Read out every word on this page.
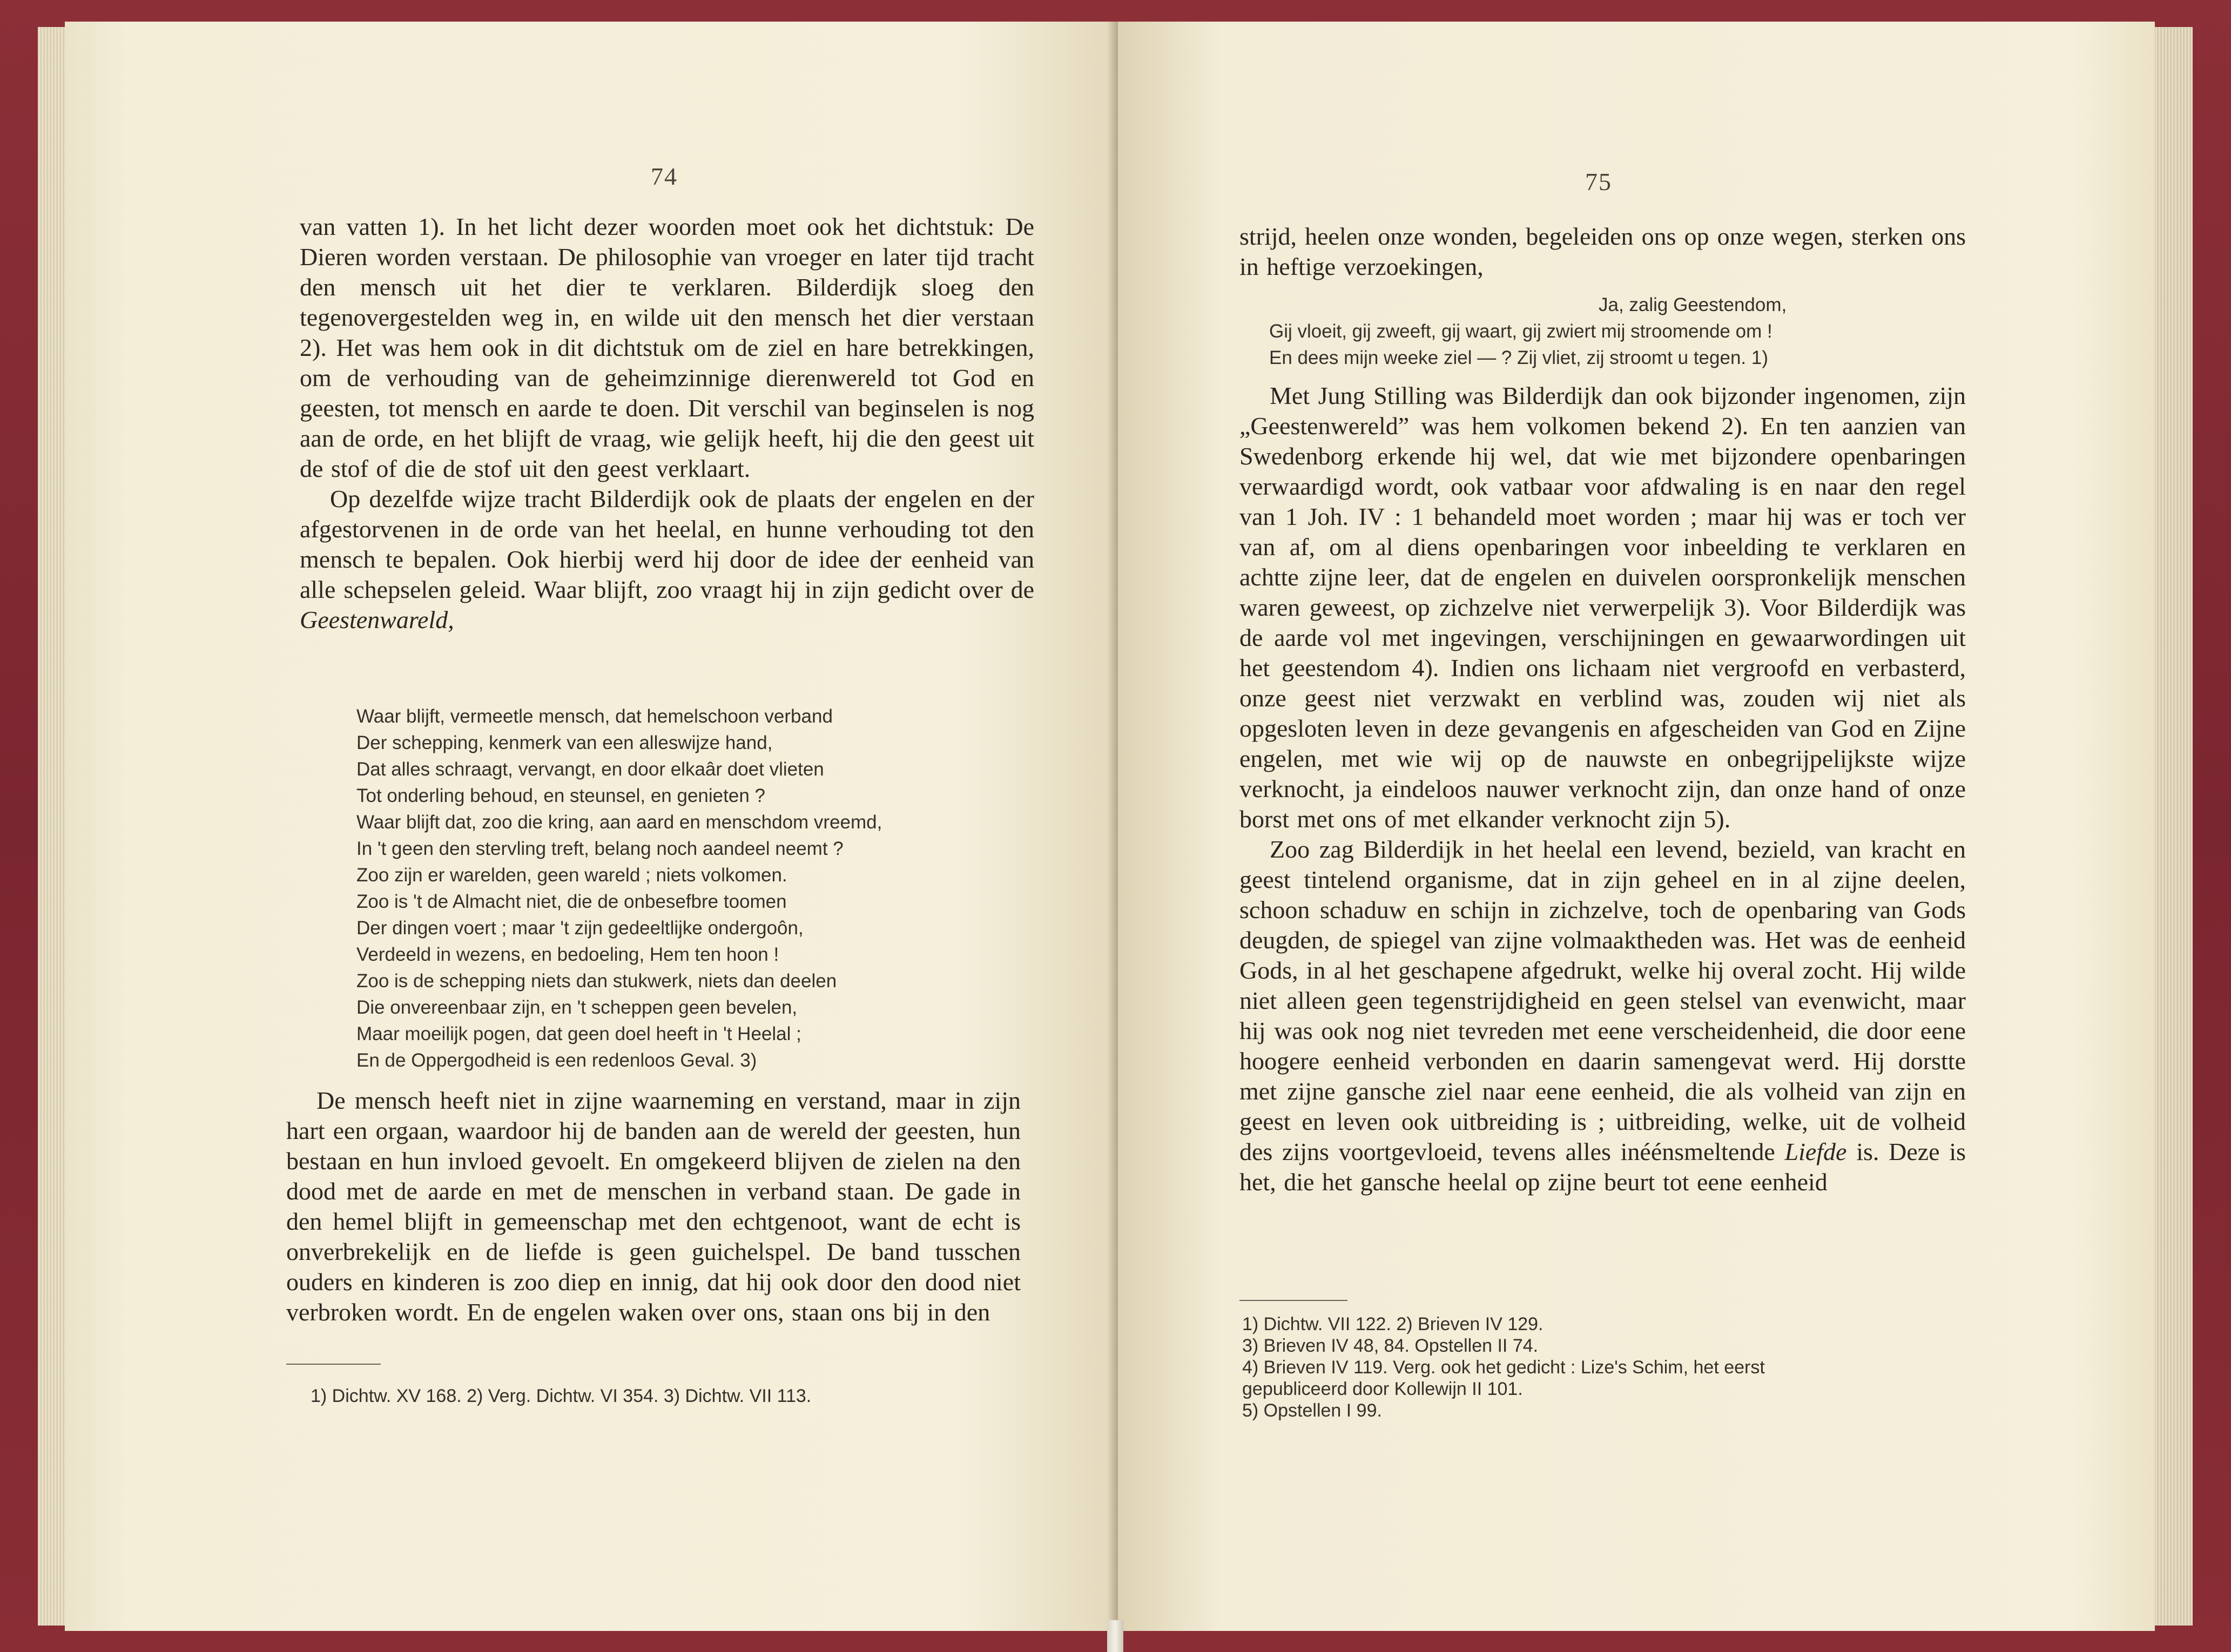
74

van vatten 1). In het licht dezer woorden moet ook het dichtstuk: De Dieren worden verstaan. De philosophie van vroeger en later tijd tracht den mensch uit het dier te verklaren. Bilderdijk sloeg den tegenovergestelden weg in, en wilde uit den mensch het dier verstaan 2). Het was hem ook in dit dichtstuk om de ziel en hare betrekkingen, om de verhouding van de geheimzinnige dierenwereld tot God en geesten, tot mensch en aarde te doen. Dit verschil van beginselen is nog aan de orde, en het blijft de vraag, wie gelijk heeft, hij die den geest uit de stof of die de stof uit den geest verklaart.

Op dezelfde wijze tracht Bilderdijk ook de plaats der engelen en der afgestorvenen in de orde van het heelal, en hunne verhouding tot den mensch te bepalen. Ook hierbij werd hij door de idee der eenheid van alle schepselen geleid. Waar blijft, zoo vraagt hij in zijn gedicht over de Geestenwareld,

Waar blijft, vermeetle mensch, dat hemelschoon verband
Der schepping, kenmerk van een alleswijze hand,
Dat alles schraagt, vervangt, en door elkaâr doet vlieten
Tot onderling behoud, en steunsel, en genieten ?
Waar blijft dat, zoo die kring, aan aard en menschdom vreemd,
In 't geen den stervling treft, belang noch aandeel neemt ?
Zoo zijn er warelden, geen wareld ; niets volkomen.
Zoo is 't de Almacht niet, die de onbesefbre toomen
Der dingen voert ; maar 't zijn gedeeltlijke ondergoôn,
Verdeeld in wezens, en bedoeling, Hem ten hoon !
Zoo is de schepping niets dan stukwerk, niets dan deelen
Die onvereenbaar zijn, en 't scheppen geen bevelen,
Maar moeilijk pogen, dat geen doel heeft in 't Heelal ;
En de Oppergodheid is een redenloos Geval. 3)

De mensch heeft niet in zijne waarneming en verstand, maar in zijn hart een orgaan, waardoor hij de banden aan de wereld der geesten, hun bestaan en hun invloed gevoelt. En omgekeerd blijven de zielen na den dood met de aarde en met de menschen in verband staan. De gade in den hemel blijft in gemeenschap met den echtgenoot, want de echt is onverbrekelijk en de liefde is geen guichelspel. De band tusschen ouders en kinderen is zoo diep en innig, dat hij ook door den dood niet verbroken wordt. En de engelen waken over ons, staan ons bij in den

1) Dichtw. XV 168. 2) Verg. Dichtw. VI 354. 3) Dichtw. VII 113.
75

strijd, heelen onze wonden, begeleiden ons op onze wegen, sterken ons in heftige verzoekingen,

Ja, zalig Geestendom,
Gij vloeit, gij zweeft, gij waart, gij zwiert mij stroomende om !
En dees mijn weeke ziel — ? Zij vliet, zij stroomt u tegen. 1)

Met Jung Stilling was Bilderdijk dan ook bijzonder ingenomen, zijn „Geestenwereld” was hem volkomen bekend 2). En ten aanzien van Swedenborg erkende hij wel, dat wie met bijzondere openbaringen verwaardigd wordt, ook vatbaar voor afdwaling is en naar den regel van 1 Joh. IV : 1 behandeld moet worden ; maar hij was er toch ver van af, om al diens openbaringen voor inbeelding te verklaren en achtte zijne leer, dat de engelen en duivelen oorspronkelijk menschen waren geweest, op zichzelve niet verwerpelijk 3). Voor Bilderdijk was de aarde vol met ingevingen, verschijningen en gewaarwordingen uit het geestendom 4). Indien ons lichaam niet vergroofd en verbasterd, onze geest niet verzwakt en verblind was, zouden wij niet als opgesloten leven in deze gevangenis en afgescheiden van God en Zijne engelen, met wie wij op de nauwste en onbegrijpelijkste wijze verknocht, ja eindeloos nauwer verknocht zijn, dan onze hand of onze borst met ons of met elkander verknocht zijn 5).

Zoo zag Bilderdijk in het heelal een levend, bezield, van kracht en geest tintelend organisme, dat in zijn geheel en in al zijne deelen, schoon schaduw en schijn in zichzelve, toch de openbaring van Gods deugden, de spiegel van zijne volmaaktheden was. Het was de eenheid Gods, in al het geschapene afgedrukt, welke hij overal zocht. Hij wilde niet alleen geen tegenstrijdigheid en geen stelsel van evenwicht, maar hij was ook nog niet tevreden met eene verscheidenheid, die door eene hoogere eenheid verbonden en daarin samengevat werd. Hij dorstte met zijne gansche ziel naar eene eenheid, die als volheid van zijn en geest en leven ook uitbreiding is ; uitbreiding, welke, uit de volheid des zijns voortgevloeid, tevens alles inéénsmeltende Liefde is. Deze is het, die het gansche heelal op zijne beurt tot eene eenheid

1) Dichtw. VII 122. 2) Brieven IV 129.
3) Brieven IV 48, 84. Opstellen II 74.
4) Brieven IV 119. Verg. ook het gedicht : Lize's Schim, het eerst
gepubliceerd door Kollewijn II 101.
5) Opstellen I 99.
